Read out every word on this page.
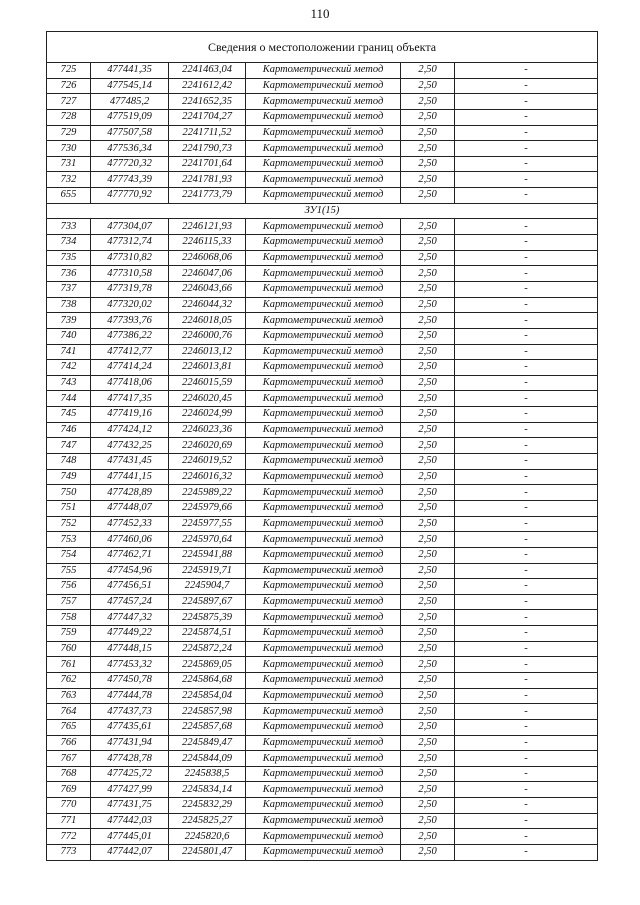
110
Сведения о местоположении границ объекта					
725	477441,35	2241463,04	Картометрический метод	2,50	-
726	477545,14	2241612,42	Картометрический метод	2,50	-
727	477485,2	2241652,35	Картометрический метод	2,50	-
728	477519,09	2241704,27	Картометрический метод	2,50	-
729	477507,58	2241711,52	Картометрический метод	2,50	-
730	477536,34	2241790,73	Картометрический метод	2,50	-
731	477720,32	2241701,64	Картометрический метод	2,50	-
732	477743,39	2241781,93	Картометрический метод	2,50	-
655	477770,92	2241773,79	Картометрический метод	2,50	-
ЗУ1(15)					
733	477304,07	2246121,93	Картометрический метод	2,50	-
734	477312,74	2246115,33	Картометрический метод	2,50	-
735	477310,82	2246068,06	Картометрический метод	2,50	-
736	477310,58	2246047,06	Картометрический метод	2,50	-
737	477319,78	2246043,66	Картометрический метод	2,50	-
738	477320,02	2246044,32	Картометрический метод	2,50	-
739	477393,76	2246018,05	Картометрический метод	2,50	-
740	477386,22	2246000,76	Картометрический метод	2,50	-
741	477412,77	2246013,12	Картометрический метод	2,50	-
742	477414,24	2246013,81	Картометрический метод	2,50	-
743	477418,06	2246015,59	Картометрический метод	2,50	-
744	477417,35	2246020,45	Картометрический метод	2,50	-
745	477419,16	2246024,99	Картометрический метод	2,50	-
746	477424,12	2246023,36	Картометрический метод	2,50	-
747	477432,25	2246020,69	Картометрический метод	2,50	-
748	477431,45	2246019,52	Картометрический метод	2,50	-
749	477441,15	2246016,32	Картометрический метод	2,50	-
750	477428,89	2245989,22	Картометрический метод	2,50	-
751	477448,07	2245979,66	Картометрический метод	2,50	-
752	477452,33	2245977,55	Картометрический метод	2,50	-
753	477460,06	2245970,64	Картометрический метод	2,50	-
754	477462,71	2245941,88	Картометрический метод	2,50	-
755	477454,96	2245919,71	Картометрический метод	2,50	-
756	477456,51	2245904,7	Картометрический метод	2,50	-
757	477457,24	2245897,67	Картометрический метод	2,50	-
758	477447,32	2245875,39	Картометрический метод	2,50	-
759	477449,22	2245874,51	Картометрический метод	2,50	-
760	477448,15	2245872,24	Картометрический метод	2,50	-
761	477453,32	2245869,05	Картометрический метод	2,50	-
762	477450,78	2245864,68	Картометрический метод	2,50	-
763	477444,78	2245854,04	Картометрический метод	2,50	-
764	477437,73	2245857,98	Картометрический метод	2,50	-
765	477435,61	2245857,68	Картометрический метод	2,50	-
766	477431,94	2245849,47	Картометрический метод	2,50	-
767	477428,78	2245844,09	Картометрический метод	2,50	-
768	477425,72	2245838,5	Картометрический метод	2,50	-
769	477427,99	2245834,14	Картометрический метод	2,50	-
770	477431,75	2245832,29	Картометрический метод	2,50	-
771	477442,03	2245825,27	Картометрический метод	2,50	-
772	477445,01	2245820,6	Картометрический метод	2,50	-
773	477442,07	2245801,47	Картометрический метод	2,50	-
